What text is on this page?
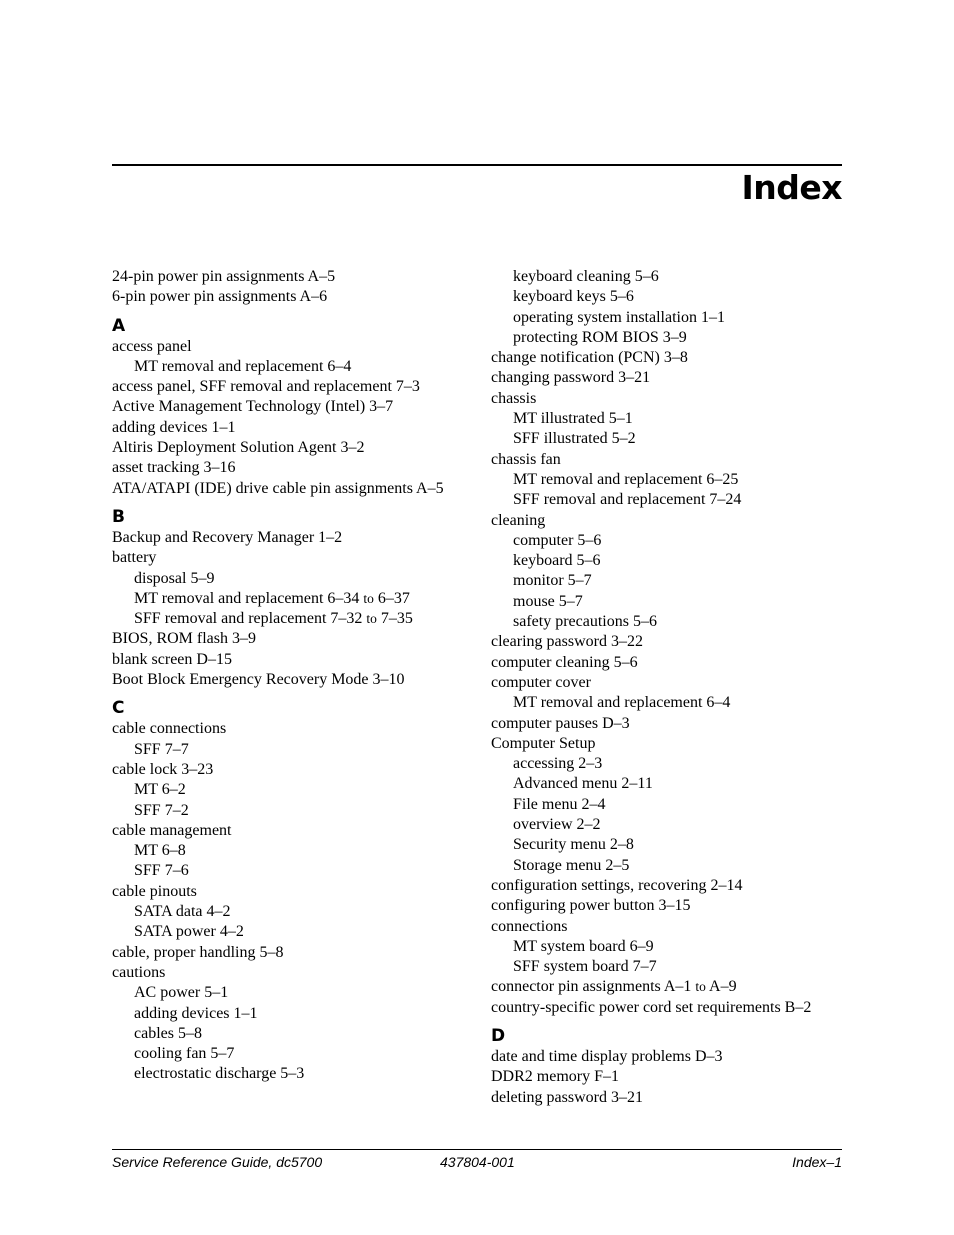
Index
24-pin power pin assignments A–5
6-pin power pin assignments A–6
A
access panel
MT removal and replacement 6–4
access panel, SFF removal and replacement 7–3
Active Management Technology (Intel) 3–7
adding devices 1–1
Altiris Deployment Solution Agent 3–2
asset tracking 3–16
ATA/ATAPI (IDE) drive cable pin assignments A–5
B
Backup and Recovery Manager 1–2
battery
disposal 5–9
MT removal and replacement 6–34 to 6–37
SFF removal and replacement 7–32 to 7–35
BIOS, ROM flash 3–9
blank screen D–15
Boot Block Emergency Recovery Mode 3–10
C
cable connections
SFF 7–7
cable lock 3–23
MT 6–2
SFF 7–2
cable management
MT 6–8
SFF 7–6
cable pinouts
SATA data 4–2
SATA power 4–2
cable, proper handling 5–8
cautions
AC power 5–1
adding devices 1–1
cables 5–8
cooling fan 5–7
electrostatic discharge 5–3
keyboard cleaning 5–6
keyboard keys 5–6
operating system installation 1–1
protecting ROM BIOS 3–9
change notification (PCN) 3–8
changing password 3–21
chassis
MT illustrated 5–1
SFF illustrated 5–2
chassis fan
MT removal and replacement 6–25
SFF removal and replacement 7–24
cleaning
computer 5–6
keyboard 5–6
monitor 5–7
mouse 5–7
safety precautions 5–6
clearing password 3–22
computer cleaning 5–6
computer cover
MT removal and replacement 6–4
computer pauses D–3
Computer Setup
accessing 2–3
Advanced menu 2–11
File menu 2–4
overview 2–2
Security menu 2–8
Storage menu 2–5
configuration settings, recovering 2–14
configuring power button 3–15
connections
MT system board 6–9
SFF system board 7–7
connector pin assignments A–1 to A–9
country-specific power cord set requirements B–2
D
date and time display problems D–3
DDR2 memory F–1
deleting password 3–21
Service Reference Guide, dc5700	437804-001	Index–1
